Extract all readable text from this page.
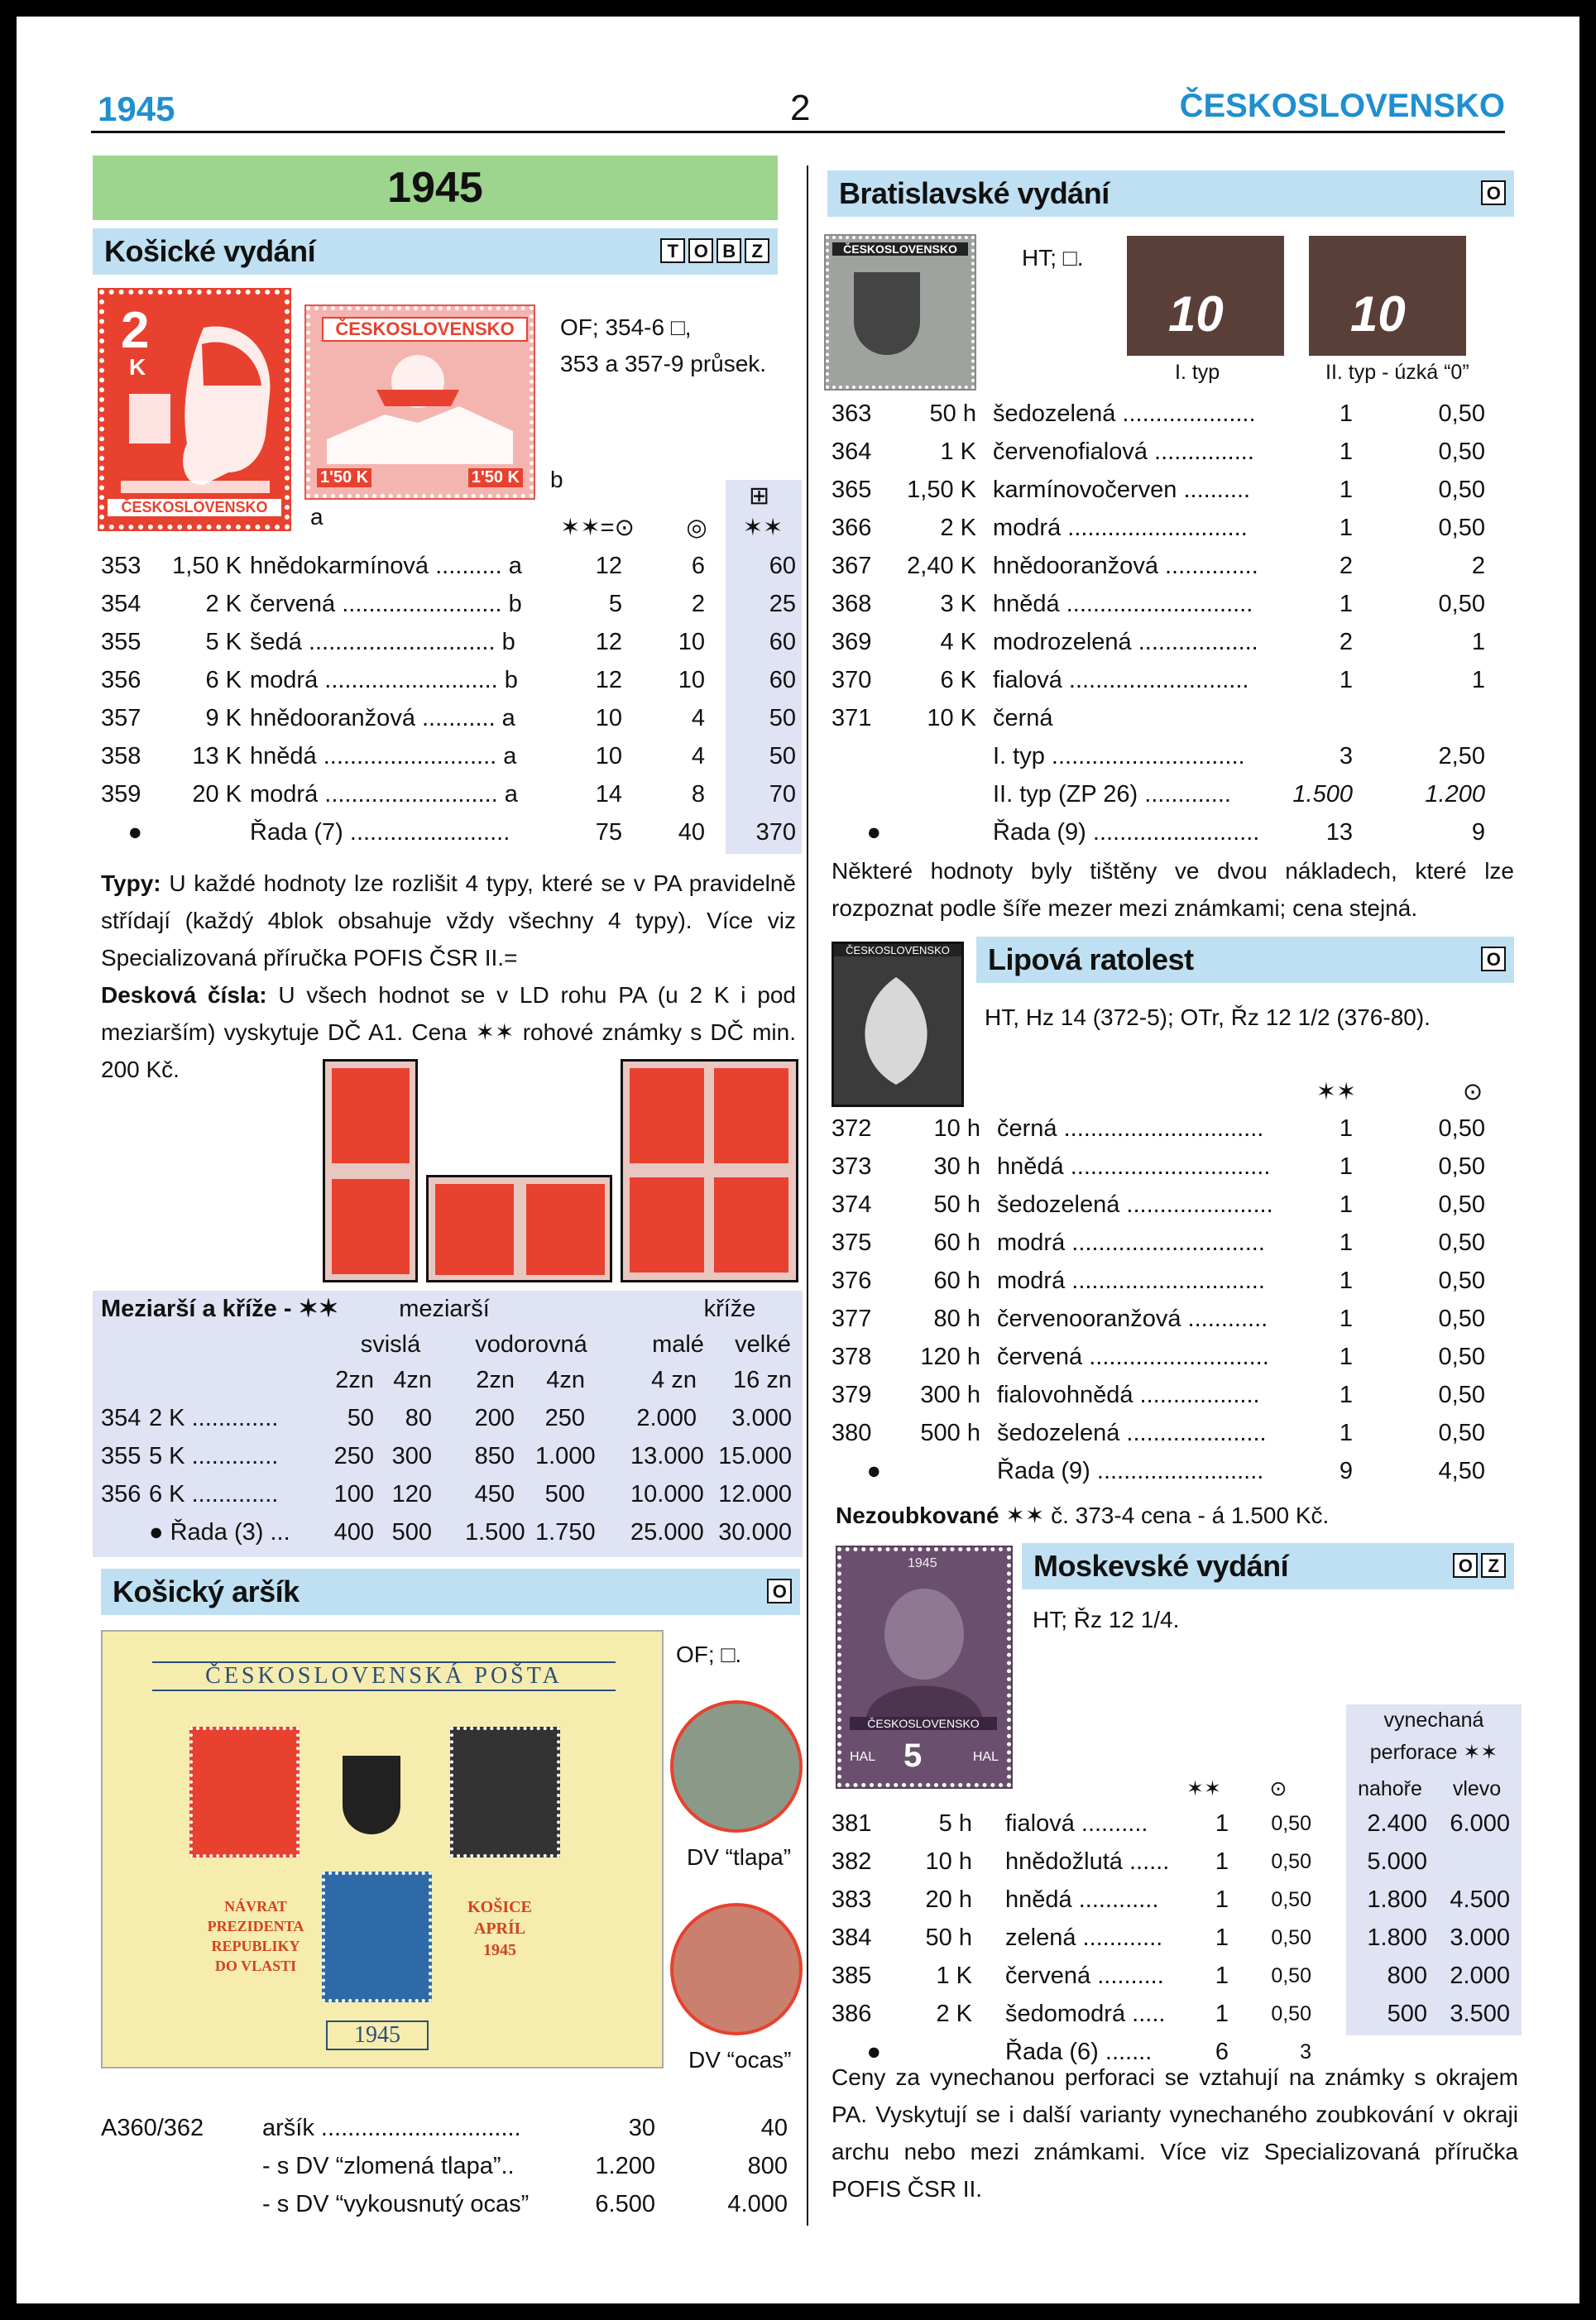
1945	2	ČESKOSLOVENSKO
1945
Košické vydání	T O B Z
2
K
ČESKOSLOVENSKO	a
ČESKOSLOVENSKO
1'50 K	1'50 K b
OF; 354-6 □,
353 a 357-9 průsek.
⊞
✶✶=⊙	◎	✶✶
353	1,50 K hnědokarmínová .......... a	12	6	60
354	2 K červená ........................ b	5	2	25
355	5 K šedá ............................ b	12	10	60
356	6 K modrá .......................... b	12	10	60
357	9 K hnědooranžová ........... a	10	4	50
358	13 K hnědá .......................... a	10	4	50
359	20 K modrá .......................... a	14	8	70
●	Řada (7) ........................	75	40	370
Typy: U každé hodnoty lze rozlišit 4 typy, které se v PA pravidelně střídají (každý 4blok obsahuje vždy všechny 4 typy). Více viz Specializovaná příručka POFIS ČSR II.=
Desková čísla: U všech hodnot se v LD rohu PA (u 2 K i pod meziarším) vyskytuje DČ A1. Cena ✶✶ rohové známky s DČ min. 200 Kč.
Meziarší a kříže - ✶✶	meziarší	kříže
svislá	vodorovná	malé	velké
2zn 4zn	2zn	4zn	4 zn	16 zn
354 2 K .............	50	80	200	250 2.000	3.000
355 5 K .............	250 300	850 1.000 13.000 15.000
356 6 K .............	100 120	450	500 10.000 12.000
● Řada (3) ...	400 500 1.500 1.750 25.000 30.000
Košický aršík	O
ČESKOSLOVENSKÁ POŠTA
NÁVRAT
PREZIDENTA
REPUBLIKY
DO VLASTI
KOŠICE
APRÍL
1945
1945
OF; □.
DV “tlapa”
DV “ocas”
A360/362	aršík ..............................	30	40
- s DV “zlomená tlapa”..	1.200	800
- s DV “vykousnutý ocas”	6.500	4.000
Bratislavské vydání	O
ČESKOSLOVENSKO	HT; □.
10	10
I. typ	II. typ - úzká “0”
363	50 h šedozelená ....................	1	0,50
364	1 K červenofialová ...............	1	0,50
365	1,50 K karmínovočerven ..........	1	0,50
366	2 K modrá ...........................	1	0,50
367	2,40 K hnědooranžová ..............	2	2
368	3 K hnědá ............................	1	0,50
369	4 K modrozelená ..................	2	1
370	6 K fialová ...........................	1	1
371	10 K černá
I. typ .............................	3	2,50
II. typ (ZP 26) .............	1.500	1.200
●	Řada (9) .........................	13	9
Některé hodnoty byly tištěny ve dvou nákladech, které lze rozpoznat podle šíře mezer mezi známkami; cena stejná.
Lipová ratolest	O
ČESKOSLOVENSKO
HT, Hz 14 (372-5); OTr, Řz 12 1/2 (376-80).
✶✶	⊙
372	10 h černá ..............................	1	0,50
373	30 h hnědá ..............................	1	0,50
374	50 h šedozelená ......................	1	0,50
375	60 h modrá .............................	1	0,50
376	60 h modrá .............................	1	0,50
377	80 h červenooranžová ............	1	0,50
378	120 h červená ...........................	1	0,50
379	300 h fialovohnědá ..................	1	0,50
380	500 h šedozelená .....................	1	0,50
●	Řada (9) .........................	9	4,50
Nezoubkované ✶✶ č. 373-4 cena - á 1.500 Kč.
Moskevské vydání	O Z
1945
ČESKOSLOVENSKO
5
HAL	HAL
HT; Řz 12 1/4.
vynechaná
perforace ✶✶
✶✶	⊙	nahoře	vlevo
381	5 h fialová ..........	1	0,50	2.400 6.000
382	10 h hnědožlutá ......	1	0,50	5.000
383	20 h hnědá ............	1	0,50	1.800 4.500
384	50 h zelená ............	1	0,50	1.800 3.000
385	1 K červená ..........	1	0,50	800 2.000
386	2 K šedomodrá .....	1	0,50	500 3.500
●	Řada (6) .......	6	3
Ceny za vynechanou perforaci se vztahují na známky s okrajem PA. Vyskytují se i další varianty vynechaného zoubkování v okraji archu nebo mezi známkami. Více viz Specializovaná příručka POFIS ČSR II.
